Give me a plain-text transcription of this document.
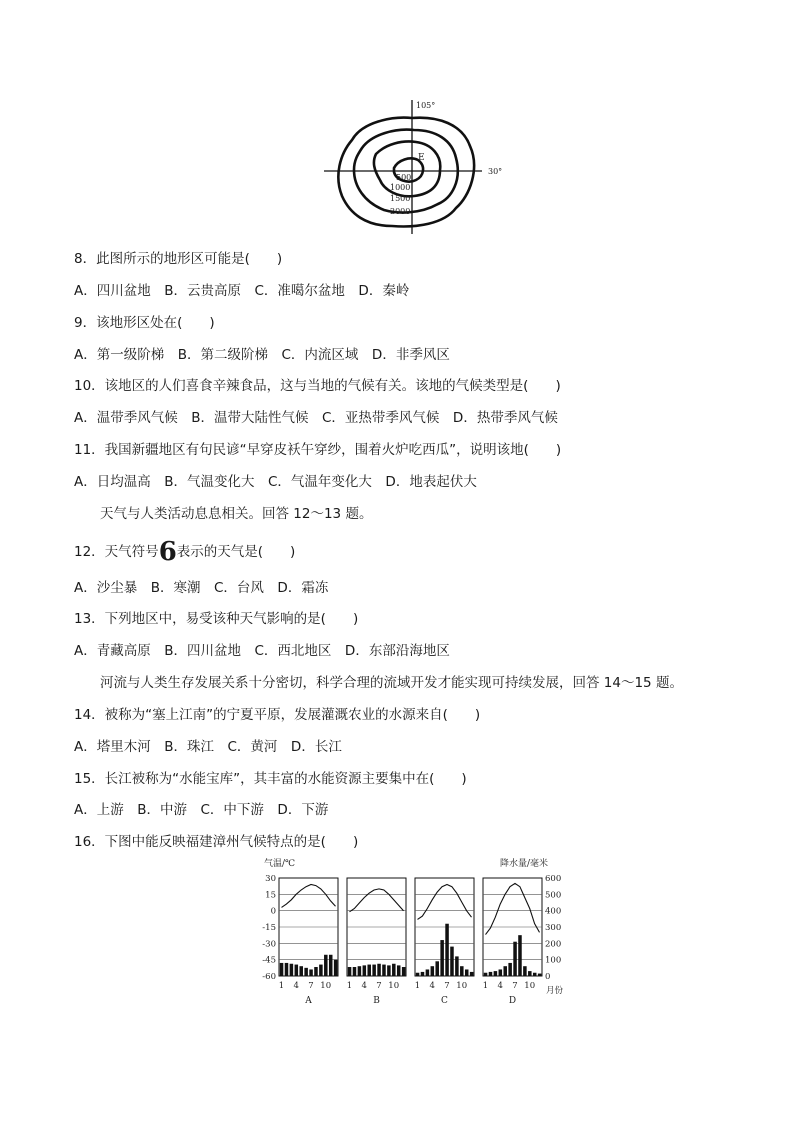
105°
30°
E
500
1000
1500
2000
8．此图所示的地形区可能是(　　)
A．四川盆地　B．云贵高原　C．准噶尔盆地　D．秦岭
9．该地形区处在(　　)
A．第一级阶梯　B．第二级阶梯　C．内流区域　D．非季风区
10．该地区的人们喜食辛辣食品，这与当地的气候有关。该地的气候类型是(　　)
A．温带季风气候　B．温带大陆性气候　C．亚热带季风气候　D．热带季风气候
11．我国新疆地区有句民谚“早穿皮袄午穿纱，围着火炉吃西瓜”，说明该地(　　)
A．日均温高　B．气温变化大　C．气温年变化大　D．地表起伏大
天气与人类活动息息相关。回答 12～13 题。
12．天气符号6表示的天气是(　　)
A．沙尘暴　B．寒潮　C．台风　D．霜冻
13．下列地区中，易受该种天气影响的是(　　)
A．青藏高原　B．四川盆地　C．西北地区　D．东部沿海地区
河流与人类生存发展关系十分密切，科学合理的流域开发才能实现可持续发展，回答 14～15 题。
14．被称为“塞上江南”的宁夏平原，发展灌溉农业的水源来自(　　)
A．塔里木河　B．珠江　C．黄河　D．长江
15．长江被称为“水能宝库”，其丰富的水能资源主要集中在(　　)
A．上游　B．中游　C．中下游　D．下游
16．下图中能反映福建漳州气候特点的是(　　)
气温/℃	降水量/毫米
月份
30
15
0
-15
-30
-45
-60
600
500
400
300
200
100
0
1 4 7 10
A
1 4 7 10
B
1 4 7 10
C
1 4 7 10
D
